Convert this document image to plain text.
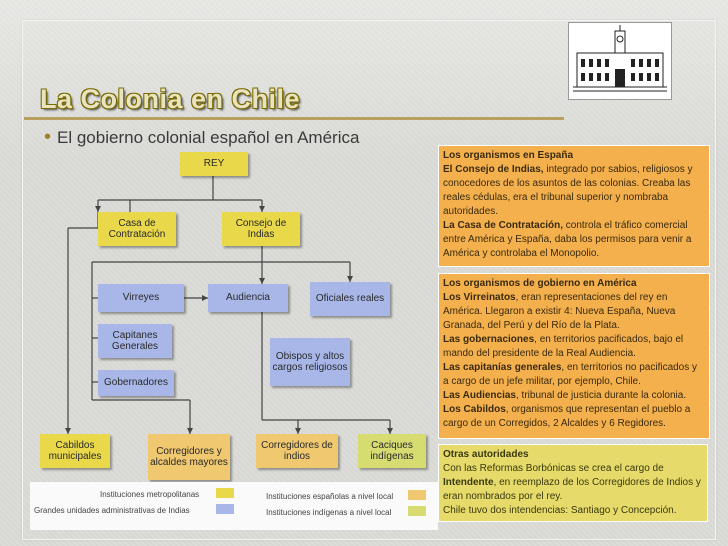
La Colonia en Chile
• El gobierno colonial español en América
REY
Casa de Contratación
Consejo de Indias
Virreyes	Audiencia	Oficiales reales
Capitanes Generales
Obispos y altos cargos religiosos
Gobernadores
Cabildos municipales	Corregidores y alcaldes mayores
Corregidores de indios
Caciques indígenas
Instituciones metropolitanas
Grandes unidades administrativas de Indias
Instituciones españolas a nivel local
Instituciones indígenas a nivel local

Los organismos en España

El Consejo de Indias, integrado por sabios, religiosos y conocedores de los asuntos de las colonias. Creaba las reales cédulas, era el tribunal superior y nombraba autoridades.

La Casa de Contratación, controla el tráfico comercial entre América y España, daba los permisos para venir a América y controlaba el Monopolio.

Los organismos de gobierno en América

Los Virreinatos, eran representaciones del rey en América. Llegaron a existir 4: Nueva España, Nueva Granada, del Perú y del Río de la Plata.

Las gobernaciones, en territorios pacificados, bajo el mando del presidente de la Real Audiencia.

Las capitanías generales, en territorios no pacificados y a cargo de un jefe militar, por ejemplo, Chile.

Las Audiencias, tribunal de justicia durante la colonia.

Los Cabildos, organismos que representan el pueblo a cargo de un Corregidos, 2 Alcaldes y 6 Regidores.

Otras autoridades

Con las Reformas Borbónicas se crea el cargo de

Intendente, en reemplazo de los Corregidores de Indios y eran nombrados por el rey.

Chile tuvo dos intendencias: Santiago y Concepción.
